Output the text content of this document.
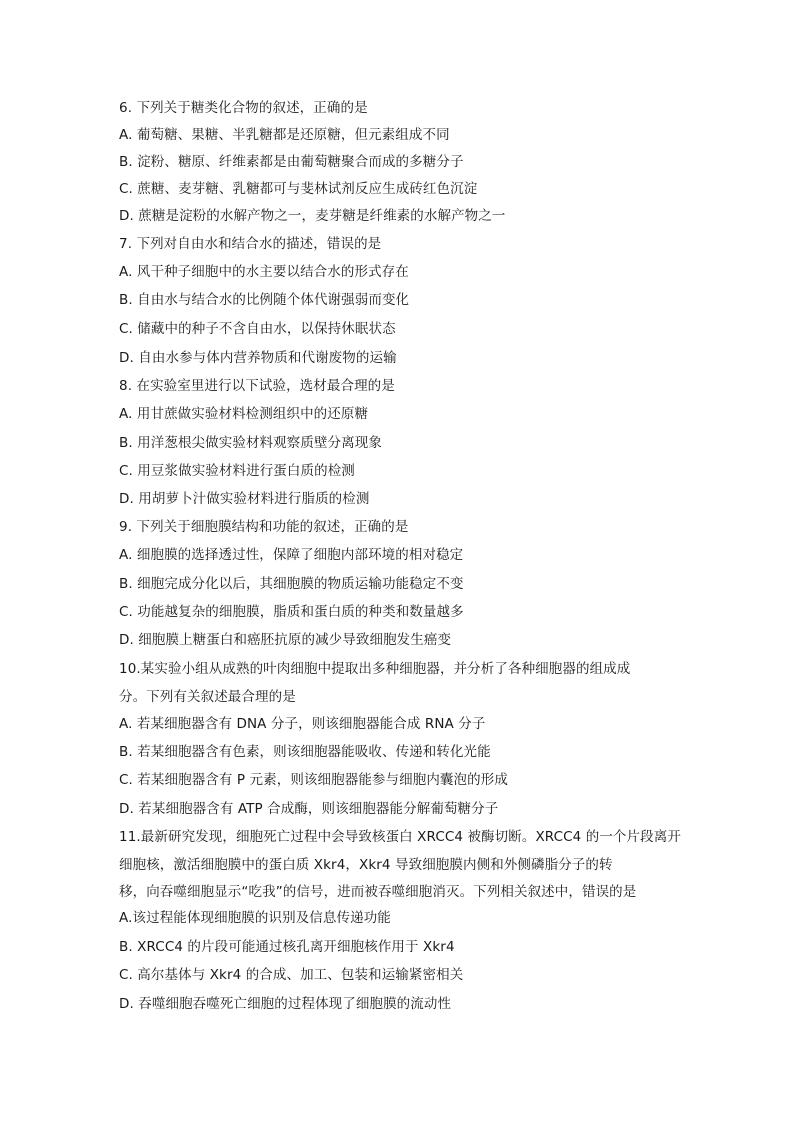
6. 下列关于糖类化合物的叙述，正确的是
A. 葡萄糖、果糖、半乳糖都是还原糖，但元素组成不同
B. 淀粉、糖原、纤维素都是由葡萄糖聚合而成的多糖分子
C. 蔗糖、麦芽糖、乳糖都可与斐林试剂反应生成砖红色沉淀
D. 蔗糖是淀粉的水解产物之一，麦芽糖是纤维素的水解产物之一
7. 下列对自由水和结合水的描述，错误的是
A. 风干种子细胞中的水主要以结合水的形式存在
B. 自由水与结合水的比例随个体代谢强弱而变化
C. 储藏中的种子不含自由水，以保持休眠状态
D. 自由水参与体内营养物质和代谢废物的运输
8. 在实验室里进行以下试验，选材最合理的是
A. 用甘蔗做实验材料检测组织中的还原糖
B. 用洋葱根尖做实验材料观察质壁分离现象
C. 用豆浆做实验材料进行蛋白质的检测
D. 用胡萝卜汁做实验材料进行脂质的检测
9. 下列关于细胞膜结构和功能的叙述，正确的是
A. 细胞膜的选择透过性，保障了细胞内部环境的相对稳定
B. 细胞完成分化以后，其细胞膜的物质运输功能稳定不变
C. 功能越复杂的细胞膜，脂质和蛋白质的种类和数量越多
D. 细胞膜上糖蛋白和癌胚抗原的减少导致细胞发生癌变
10.某实验小组从成熟的叶肉细胞中提取出多种细胞器，并分析了各种细胞器的组成成
分。下列有关叙述最合理的是
A. 若某细胞器含有 DNA 分子，则该细胞器能合成 RNA 分子
B. 若某细胞器含有色素，则该细胞器能吸收、传递和转化光能
C. 若某细胞器含有 P 元素，则该细胞器能参与细胞内囊泡的形成
D. 若某细胞器含有 ATP 合成酶，则该细胞器能分解葡萄糖分子
11.最新研究发现，细胞死亡过程中会导致核蛋白 XRCC4 被酶切断。XRCC4 的一个片段离开
细胞核，激活细胞膜中的蛋白质 Xkr4，Xkr4 导致细胞膜内侧和外侧磷脂分子的转
移，向吞噬细胞显示“吃我”的信号，进而被吞噬细胞消灭。下列相关叙述中，错误的是
A.该过程能体现细胞膜的识别及信息传递功能
B. XRCC4 的片段可能通过核孔离开细胞核作用于 Xkr4
C. 高尔基体与 Xkr4 的合成、加工、包装和运输紧密相关
D. 吞噬细胞吞噬死亡细胞的过程体现了细胞膜的流动性
